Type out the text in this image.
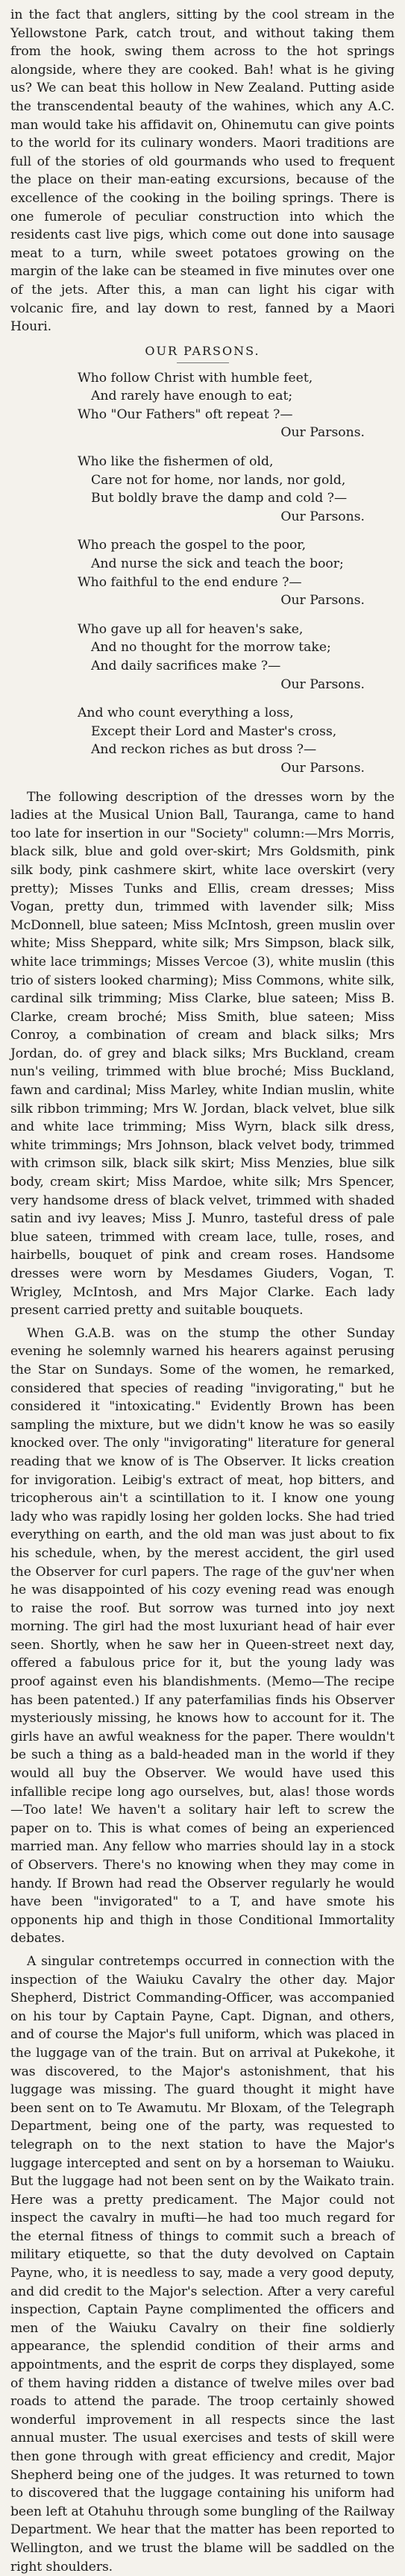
in the fact that anglers, sitting by the cool stream in the Yellowstone Park, catch trout, and without taking them from the hook, swing them across to the hot springs alongside, where they are cooked. Bah! what is he giving us? We can beat this hollow in New Zealand. Putting aside the transcendental beauty of the wahines, which any A.C. man would take his affidavit on, Ohinemutu can give points to the world for its culinary wonders. Maori traditions are full of the stories of old gourmands who used to frequent the place on their man-eating excursions, because of the excellence of the cooking in the boiling springs. There is one fumerole of peculiar construction into which the residents cast live pigs, which come out done into sausage meat to a turn, while sweet potatoes growing on the margin of the lake can be steamed in five minutes over one of the jets. After this, a man can light his cigar with volcanic fire, and lay down to rest, fanned by a Maori Houri.

OUR PARSONS.
Who follow Christ with humble feet,
And rarely have enough to eat;
Who "Our Fathers" oft repeat ?—
Our Parsons.
Who like the fishermen of old,
Care not for home, nor lands, nor gold,
But boldly brave the damp and cold ?—
Our Parsons.
Who preach the gospel to the poor,
And nurse the sick and teach the boor;
Who faithful to the end endure ?—
Our Parsons.
Who gave up all for heaven's sake,
And no thought for the morrow take;
And daily sacrifices make ?—
Our Parsons.
And who count everything a loss,
Except their Lord and Master's cross,
And reckon riches as but dross ?—
Our Parsons.

The following description of the dresses worn by the ladies at the Musical Union Ball, Tauranga, came to hand too late for insertion in our "Society" column:—Mrs Morris, black silk, blue and gold over-skirt; Mrs Goldsmith, pink silk body, pink cashmere skirt, white lace overskirt (very pretty); Misses Tunks and Ellis, cream dresses; Miss Vogan, pretty dun, trimmed with lavender silk; Miss McDonnell, blue sateen; Miss McIntosh, green muslin over white; Miss Sheppard, white silk; Mrs Simpson, black silk, white lace trimmings; Misses Vercoe (3), white muslin (this trio of sisters looked charming); Miss Commons, white silk, cardinal silk trimming; Miss Clarke, blue sateen; Miss B. Clarke, cream broché; Miss Smith, blue sateen; Miss Conroy, a combination of cream and black silks; Mrs Jordan, do. of grey and black silks; Mrs Buckland, cream nun's veiling, trimmed with blue broché; Miss Buckland, fawn and cardinal; Miss Marley, white Indian muslin, white silk ribbon trimming; Mrs W. Jordan, black velvet, blue silk and white lace trimming; Miss Wyrn, black silk dress, white trimmings; Mrs Johnson, black velvet body, trimmed with crimson silk, black silk skirt; Miss Menzies, blue silk body, cream skirt; Miss Mardoe, white silk; Mrs Spencer, very handsome dress of black velvet, trimmed with shaded satin and ivy leaves; Miss J. Munro, tasteful dress of pale blue sateen, trimmed with cream lace, tulle, roses, and hairbells, bouquet of pink and cream roses. Handsome dresses were worn by Mesdames Giuders, Vogan, T. Wrigley, McIntosh, and Mrs Major Clarke. Each lady present carried pretty and suitable bouquets.

When G.A.B. was on the stump the other Sunday evening he solemnly warned his hearers against perusing the Star on Sundays. Some of the women, he remarked, considered that species of reading "invigorating," but he considered it "intoxicating." Evidently Brown has been sampling the mixture, but we didn't know he was so easily knocked over. The only "invigorating" literature for general reading that we know of is The Observer. It licks creation for invigoration. Leibig's extract of meat, hop bitters, and tricopherous ain't a scintillation to it. I know one young lady who was rapidly losing her golden locks. She had tried everything on earth, and the old man was just about to fix his schedule, when, by the merest accident, the girl used the Observer for curl papers. The rage of the guv'ner when he was disappointed of his cozy evening read was enough to raise the roof. But sorrow was turned into joy next morning. The girl had the most luxuriant head of hair ever seen. Shortly, when he saw her in Queen-street next day, offered a fabulous price for it, but the young lady was proof against even his blandishments. (Memo—The recipe has been patented.) If any paterfamilias finds his Observer mysteriously missing, he knows how to account for it. The girls have an awful weakness for the paper. There wouldn't be such a thing as a bald-headed man in the world if they would all buy the Observer. We would have used this infallible recipe long ago ourselves, but, alas! those words—Too late! We haven't a solitary hair left to screw the paper on to. This is what comes of being an experienced married man. Any fellow who marries should lay in a stock of Observers. There's no knowing when they may come in handy. If Brown had read the Observer regularly he would have been "invigorated" to a T, and have smote his opponents hip and thigh in those Conditional Immortality debates.

A singular contretemps occurred in connection with the inspection of the Waiuku Cavalry the other day. Major Shepherd, District Commanding-Officer, was accompanied on his tour by Captain Payne, Capt. Dignan, and others, and of course the Major's full uniform, which was placed in the luggage van of the train. But on arrival at Pukekohe, it was discovered, to the Major's astonishment, that his luggage was missing. The guard thought it might have been sent on to Te Awamutu. Mr Bloxam, of the Telegraph Department, being one of the party, was requested to telegraph on to the next station to have the Major's luggage intercepted and sent on by a horseman to Waiuku. But the luggage had not been sent on by the Waikato train. Here was a pretty predicament. The Major could not inspect the cavalry in mufti—he had too much regard for the eternal fitness of things to commit such a breach of military etiquette, so that the duty devolved on Captain Payne, who, it is needless to say, made a very good deputy, and did credit to the Major's selection. After a very careful inspection, Captain Payne complimented the officers and men of the Waiuku Cavalry on their fine soldierly appearance, the splendid condition of their arms and appointments, and the esprit de corps they displayed, some of them having ridden a distance of twelve miles over bad roads to attend the parade. The troop certainly showed wonderful improvement in all respects since the last annual muster. The usual exercises and tests of skill were then gone through with great efficiency and credit, Major Shepherd being one of the judges. It was returned to town to discovered that the luggage containing his uniform had been left at Otahuhu through some bungling of the Railway Department. We hear that the matter has been reported to Wellington, and we trust the blame will be saddled on the right shoulders.
